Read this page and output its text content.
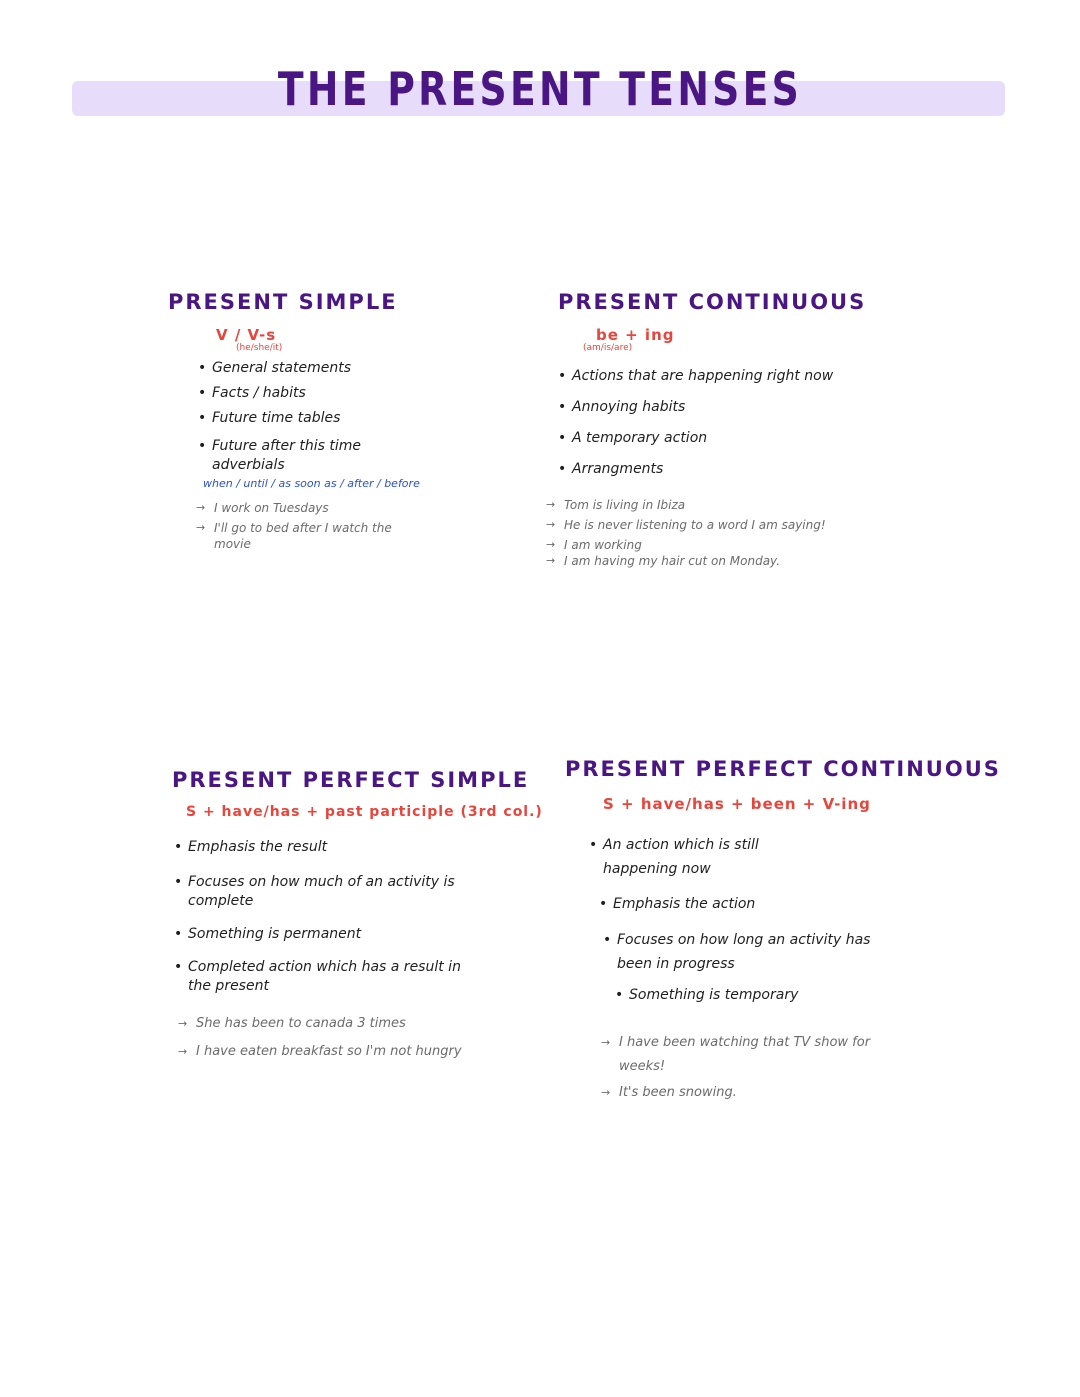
THE PRESENT TENSES
PRESENT SIMPLE
V / V-s
(he/she/it)
• General statements
• Facts / habits
• Future time tables
• Future after this time adverbials
when / until / as soon as / after / before
→ I work on Tuesdays
→ I'll go to bed after I watch the movie
PRESENT CONTINUOUS
be + ing
(am/is/are)
• Actions that are happening right now
• Annoying habits
• A temporary action
• Arrangments
→ Tom is living in Ibiza
→ He is never listening to a word I am saying!
→ I am working
→ I am having my hair cut on Monday.
PRESENT PERFECT SIMPLE
S + have/has + past participle (3rd col.)
• Emphasis the result
• Focuses on how much of an activity is complete
• Something is permanent
• Completed action which has a result in the present
→ She has been to canada 3 times
→ I have eaten breakfast so I'm not hungry
PRESENT PERFECT CONTINUOUS
S + have/has + been + V-ing
• An action which is still happening now
• Emphasis the action
• Focuses on how long an activity has been in progress
• Something is temporary
→ I have been watching that TV show for weeks!
→ It's been snowing.
